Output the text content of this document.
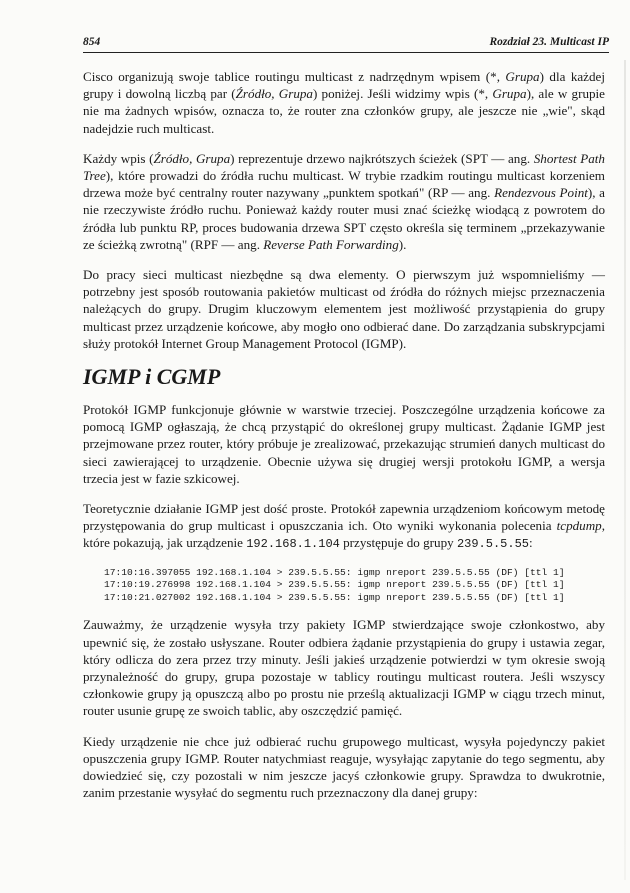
854	Rozdział 23. Multicast IP

Cisco organizują swoje tablice routingu multicast z nadrzędnym wpisem (*, Grupa) dla każdej grupy i dowolną liczbą par (Źródło, Grupa) poniżej. Jeśli widzimy wpis (*, Grupa), ale w grupie nie ma żadnych wpisów, oznacza to, że router zna członków grupy, ale jeszcze nie „wie", skąd nadejdzie ruch multicast.

Każdy wpis (Źródło, Grupa) reprezentuje drzewo najkrótszych ścieżek (SPT — ang. Shortest Path Tree), które prowadzi do źródła ruchu multicast. W trybie rzadkim routingu multicast korzeniem drzewa może być centralny router nazywany „punktem spotkań" (RP — ang. Rendezvous Point), a nie rzeczywiste źródło ruchu. Ponieważ każdy router musi znać ścieżkę wiodącą z powrotem do źródła lub punktu RP, proces budowania drzewa SPT często określa się terminem „przekazywanie ze ścieżką zwrotną" (RPF — ang. Reverse Path Forwarding).

Do pracy sieci multicast niezbędne są dwa elementy. O pierwszym już wspomnieliśmy — potrzebny jest sposób routowania pakietów multicast od źródła do różnych miejsc przeznaczenia należących do grupy. Drugim kluczowym elementem jest możliwość przystąpienia do grupy multicast przez urządzenie końcowe, aby mogło ono odbierać dane. Do zarządzania subskrypcjami służy protokół Internet Group Management Protocol (IGMP).

IGMP i CGMP

Protokół IGMP funkcjonuje głównie w warstwie trzeciej. Poszczególne urządzenia końcowe za pomocą IGMP ogłaszają, że chcą przystąpić do określonej grupy multicast. Żądanie IGMP jest przejmowane przez router, który próbuje je zrealizować, przekazując strumień danych multicast do sieci zawierającej to urządzenie. Obecnie używa się drugiej wersji protokołu IGMP, a wersja trzecia jest w fazie szkicowej.

Teoretycznie działanie IGMP jest dość proste. Protokół zapewnia urządzeniom końcowym metodę przystępowania do grup multicast i opuszczania ich. Oto wyniki wykonania polecenia tcpdump, które pokazują, jak urządzenie 192.168.1.104 przystępuje do grupy 239.5.5.55:

17:10:16.397055 192.168.1.104 > 239.5.5.55: igmp nreport 239.5.5.55 (DF) [ttl 1]
17:10:19.276998 192.168.1.104 > 239.5.5.55: igmp nreport 239.5.5.55 (DF) [ttl 1]
17:10:21.027002 192.168.1.104 > 239.5.5.55: igmp nreport 239.5.5.55 (DF) [ttl 1]

Zauważmy, że urządzenie wysyła trzy pakiety IGMP stwierdzające swoje członkostwo, aby upewnić się, że zostało usłyszane. Router odbiera żądanie przystąpienia do grupy i ustawia zegar, który odlicza do zera przez trzy minuty. Jeśli jakieś urządzenie potwierdzi w tym okresie swoją przynależność do grupy, grupa pozostaje w tablicy routingu multicast routera. Jeśli wszyscy członkowie grupy ją opuszczą albo po prostu nie prześlą aktualizacji IGMP w ciągu trzech minut, router usunie grupę ze swoich tablic, aby oszczędzić pamięć.

Kiedy urządzenie nie chce już odbierać ruchu grupowego multicast, wysyła pojedynczy pakiet opuszczenia grupy IGMP. Router natychmiast reaguje, wysyłając zapytanie do tego segmentu, aby dowiedzieć się, czy pozostali w nim jeszcze jacyś członkowie grupy. Sprawdza to dwukrotnie, zanim przestanie wysyłać do segmentu ruch przeznaczony dla danej grupy:
